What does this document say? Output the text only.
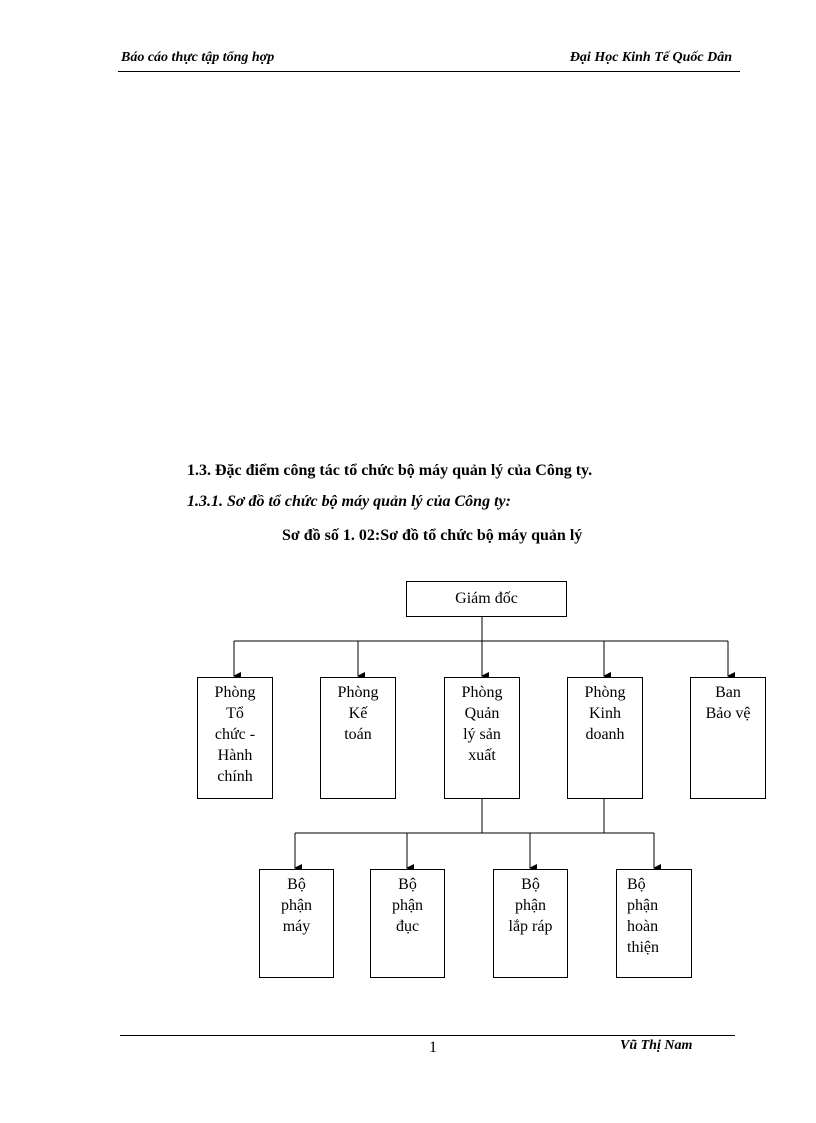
Báo cáo thực tập tổng hợp	Đại Học Kinh Tế Quốc Dân
1.3. Đặc điểm công tác tổ chức bộ máy quản lý của Công ty.
1.3.1. Sơ đồ tổ chức bộ máy quản lý của Công ty:
Sơ đồ số 1. 02:Sơ đồ tổ chức bộ máy quản lý
Giám đốc
Phòng
Tổ
chức -
Hành
chính
Phòng
Kế
toán
Phòng
Quản
lý sản
xuất
Phòng
Kinh
doanh
Ban
Bảo vệ
Bộ
phận
máy
Bộ
phận
đục
Bộ
phận
lắp ráp
Bộ
phận
hoàn
thiện
1	Vũ Thị Nam
